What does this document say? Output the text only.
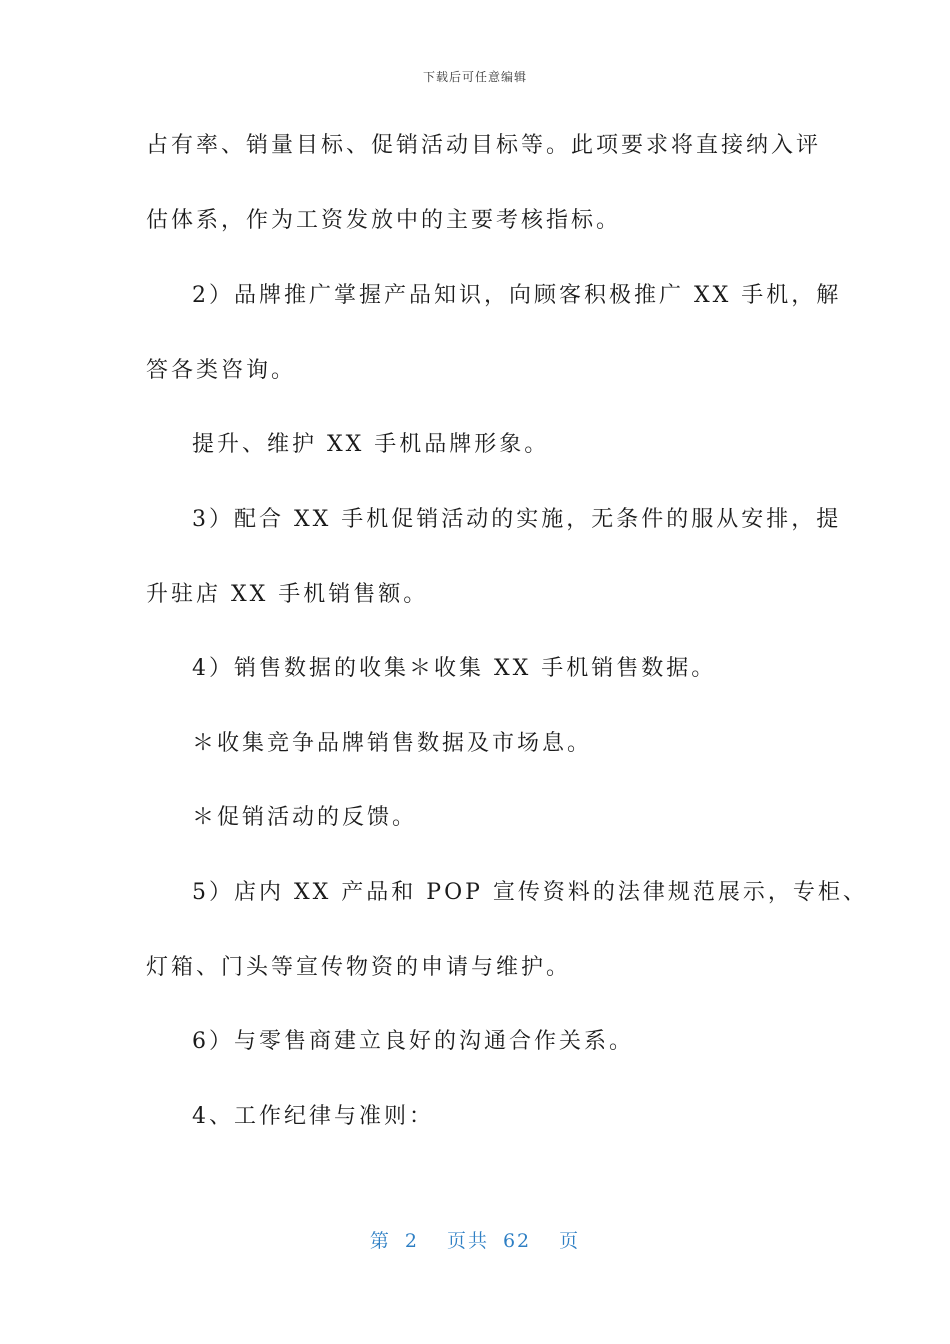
下载后可任意编辑
占有率、销量目标、促销活动目标等。此项要求将直接纳入评
估体系，作为工资发放中的主要考核指标。
2）品牌推广掌握产品知识，向顾客积极推广 XX 手机，解
答各类咨询。
提升、维护 XX 手机品牌形象。
3）配合 XX 手机促销活动的实施，无条件的服从安排，提
升驻店 XX 手机销售额。
4）销售数据的收集＊收集 XX 手机销售数据。
＊收集竞争品牌销售数据及市场息。
＊促销活动的反馈。
5）店内 XX 产品和 POP 宣传资料的法律规范展示，专柜、
灯箱、门头等宣传物资的申请与维护。
6）与零售商建立良好的沟通合作关系。
4、工作纪律与准则：
第 2 页共 62 页
